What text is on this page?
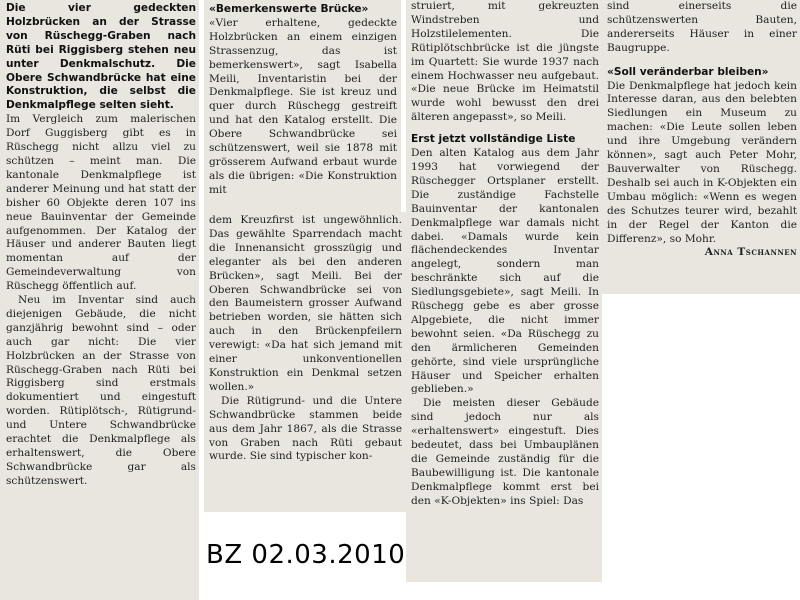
Die vier gedeckten Holzbrücken an der Strasse von Rüschegg-Graben nach Rüti bei Riggisberg stehen neu unter Denkmalschutz. Die Obere Schwandbrücke hat eine Konstruktion, die selbst die Denkmalpflege selten sieht.

Im Vergleich zum malerischen Dorf Guggisberg gibt es in Rüschegg nicht allzu viel zu schützen – meint man. Die kantonale Denkmalpflege ist anderer Meinung und hat statt der bisher 60 Objekte deren 107 ins neue Bauinventar der Gemeinde aufgenommen. Der Katalog der Häuser und anderer Bauten liegt momentan auf der Gemeindeverwaltung von Rüschegg öffentlich auf.

Neu im Inventar sind auch diejenigen Gebäude, die nicht ganzjährig bewohnt sind – oder auch gar nicht: Die vier Holzbrücken an der Strasse von Rüschegg-Graben nach Rüti bei Riggisberg sind erstmals dokumentiert und eingestuft worden. Rütiplötsch-, Rütigrund- und Untere Schwandbrücke erachtet die Denkmalpflege als erhaltenswert, die Obere Schwandbrücke gar als schützenswert.

«Bemerkenswerte Brücke»

«Vier erhaltene, gedeckte Holzbrücken an einem einzigen Strassenzug, das ist bemerkenswert», sagt Isabella Meili, Inventaristin bei der Denkmalpflege. Sie ist kreuz und quer durch Rüschegg gestreift und hat den Katalog erstellt. Die Obere Schwandbrücke sei schützenswert, weil sie 1878 mit grösserem Aufwand erbaut wurde als die übrigen: «Die Konstruktion mit

dem Kreuzfirst ist ungewöhnlich. Das gewählte Sparrendach macht die Innenansicht grosszügig und eleganter als bei den anderen Brücken», sagt Meili. Bei der Oberen Schwandbrücke sei von den Baumeistern grosser Aufwand betrieben worden, sie hätten sich auch in den Brückenpfeilern verewigt: «Da hat sich jemand mit einer unkonventionellen Konstruktion ein Denkmal setzen wollen.»

Die Rütigrund- und die Untere Schwandbrücke stammen beide aus dem Jahr 1867, als die Strasse von Graben nach Rüti gebaut wurde. Sie sind typischer kon-

struiert, mit gekreuzten Windstreben und Holzstilelementen. Die Rütiplötschbrücke ist die jüngste im Quartett: Sie wurde 1937 nach einem Hochwasser neu aufgebaut. «Die neue Brücke im Heimatstil wurde wohl bewusst den drei älteren angepasst», so Meili.

Erst jetzt vollständige Liste

Den alten Katalog aus dem Jahr 1993 hat vorwiegend der Rüschegger Ortsplaner erstellt. Die zuständige Fachstelle Bauinventar der kantonalen Denkmalpflege war damals nicht dabei. «Damals wurde kein flächendeckendes Inventar angelegt, sondern man beschränkte sich auf die Siedlungsgebiete», sagt Meili. In Rüschegg gebe es aber grosse Alpgebiete, die nicht immer bewohnt seien. «Da Rüschegg zu den ärmlicheren Gemeinden gehörte, sind viele ursprüngliche Häuser und Speicher erhalten geblieben.»

Die meisten dieser Gebäude sind jedoch nur als «erhaltenswert» eingestuft. Dies bedeutet, dass bei Umbauplänen die Gemeinde zuständig für die Baubewilligung ist. Die kantonale Denkmalpflege kommt erst bei den «K-Objekten» ins Spiel: Das

sind einerseits die schützenswerten Bauten, andererseits Häuser in einer Baugruppe.

«Soll veränderbar bleiben»

Die Denkmalpflege hat jedoch kein Interesse daran, aus den belebten Siedlungen ein Museum zu machen: «Die Leute sollen leben und ihre Umgebung verändern können», sagt auch Peter Mohr, Bauverwalter von Rüschegg. Deshalb sei auch in K-Objekten ein Umbau möglich: «Wenn es wegen des Schutzes teurer wird, bezahlt in der Regel der Kanton die Differenz», so Mohr.

Anna Tschannen

BZ 02.03.2010
